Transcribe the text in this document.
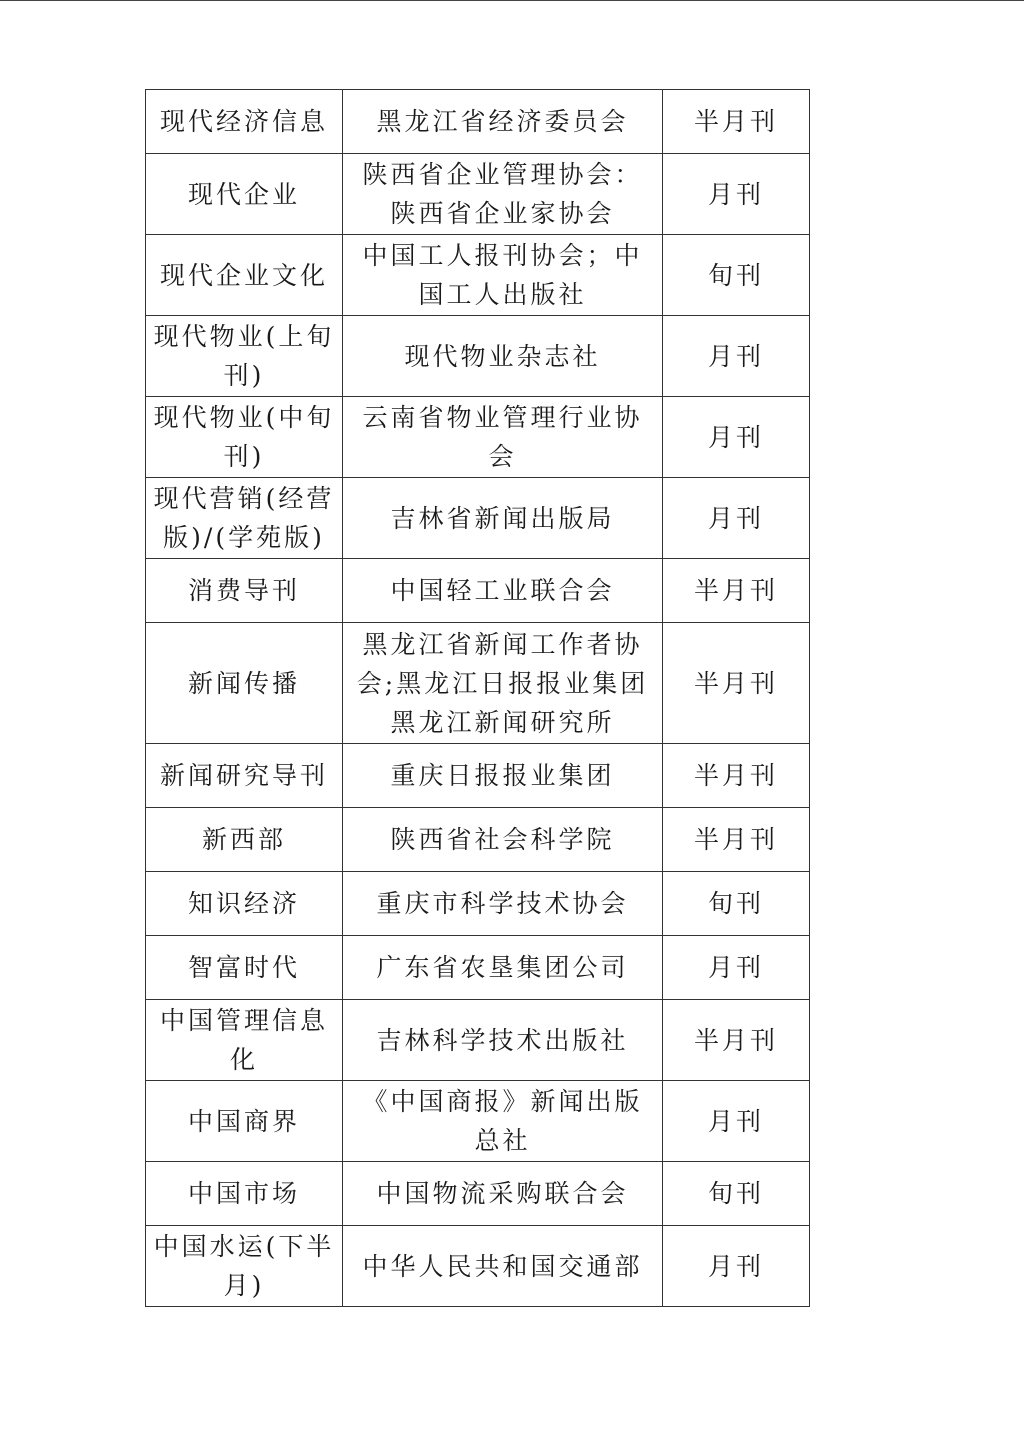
现代经济信息	黑龙江省经济委员会	半月刊
现代企业	陕西省企业管理协会：陕西省企业家协会	月刊
现代企业文化	中国工人报刊协会；中国工人出版社	旬刊
现代物业(上旬刊)	现代物业杂志社	月刊
现代物业(中旬刊)	云南省物业管理行业协会	月刊
现代营销(经营版)/(学苑版)	吉林省新闻出版局	月刊
消费导刊	中国轻工业联合会	半月刊
新闻传播	黑龙江省新闻工作者协会;黑龙江日报报业集团黑龙江新闻研究所	半月刊
新闻研究导刊	重庆日报报业集团	半月刊
新西部	陕西省社会科学院	半月刊
知识经济	重庆市科学技术协会	旬刊
智富时代	广东省农垦集团公司	月刊
中国管理信息化	吉林科学技术出版社	半月刊
中国商界	《中国商报》新闻出版总社	月刊
中国市场	中国物流采购联合会	旬刊
中国水运(下半月)	中华人民共和国交通部	月刊
